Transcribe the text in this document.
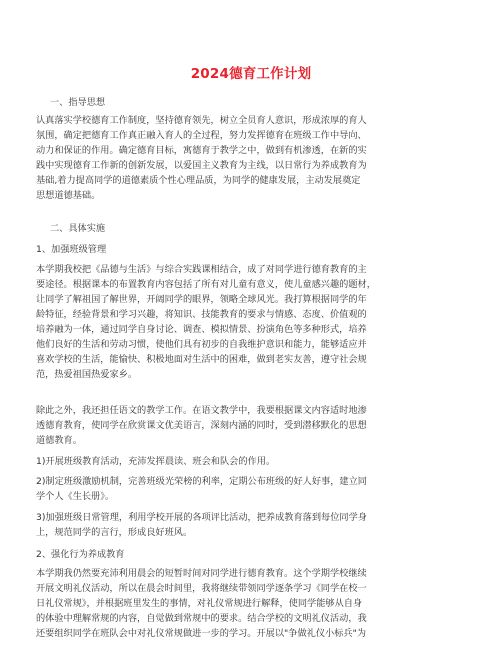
2024德育工作计划
一、指导思想
认真落实学校德育工作制度，坚持德育领先，树立全员育人意识，形成浓厚的育人
氛围，确定把德育工作真正融入育人的全过程，努力发挥德育在班级工作中导向、
动力和保证的作用。确定德育目标，寓德育于教学之中，做到有机渗透，在新的实
践中实现德育工作新的创新发展，以爱国主义教育为主线，以日常行为养成教育为
基础,着力提高同学的道德素质个性心理品质，为同学的健康发展，主动发展奠定
思想道德基础。
二、具体实施
1、加强班级管理
本学期我校把《品德与生活》与综合实践课相结合，成了对同学进行德育教育的主
要途径。根据课本的布置教育内容包括了所有对儿童有意义，使儿童感兴趣的题材，
让同学了解祖国了解世界，开阔同学的眼界，领略全球风光。我打算根据同学的年
龄特征，经验背景和学习兴趣，将知识、技能教育的要求与情感、态度、价值观的
培养融为一体，通过同学自身讨论、调查、模拟情景、扮演角色等多种形式，培养
他们良好的生活和劳动习惯，使他们具有初步的自我维护意识和能力，能够适应并
喜欢学校的生活，能愉快、积极地面对生活中的困难，做到老实友善，遵守社会规
范，热爱祖国热爱家乡。
除此之外，我还担任语文的教学工作。在语文教学中，我要根据课文内容适时地渗
透德育教育，使同学在欣赏课文优美语言，深刻内涵的同时，受到潜移默化的思想
道德教育。
1)开展班级教育活动，充沛发挥晨读、班会和队会的作用。
2)制定班级激励机制，完善班级光荣榜的利率，定期公布班级的好人好事，建立同
学个人《生长册》。
3)加强班级日常管理，利用学校开展的各项评比活动，把养成教育落到每位同学身
上，规范同学的言行，形成良好班风。
2、强化行为养成教育
本学期我仍然要充沛利用晨会的短暂时间对同学进行德育教育。这个学期学校继续
开展文明礼仪活动，所以在晨会时间里，我将继续带领同学逐条学习《同学在校一
日礼仪常规》，并根据班里发生的事情，对礼仪常规进行解释，使同学能够从自身
的体验中理解常规的内容，自觉做到常规中的要求。结合学校的文明礼仪活动，我
还要组织同学在班队会中对礼仪常规做进一步的学习。开展以"争做礼仪小标兵"为
